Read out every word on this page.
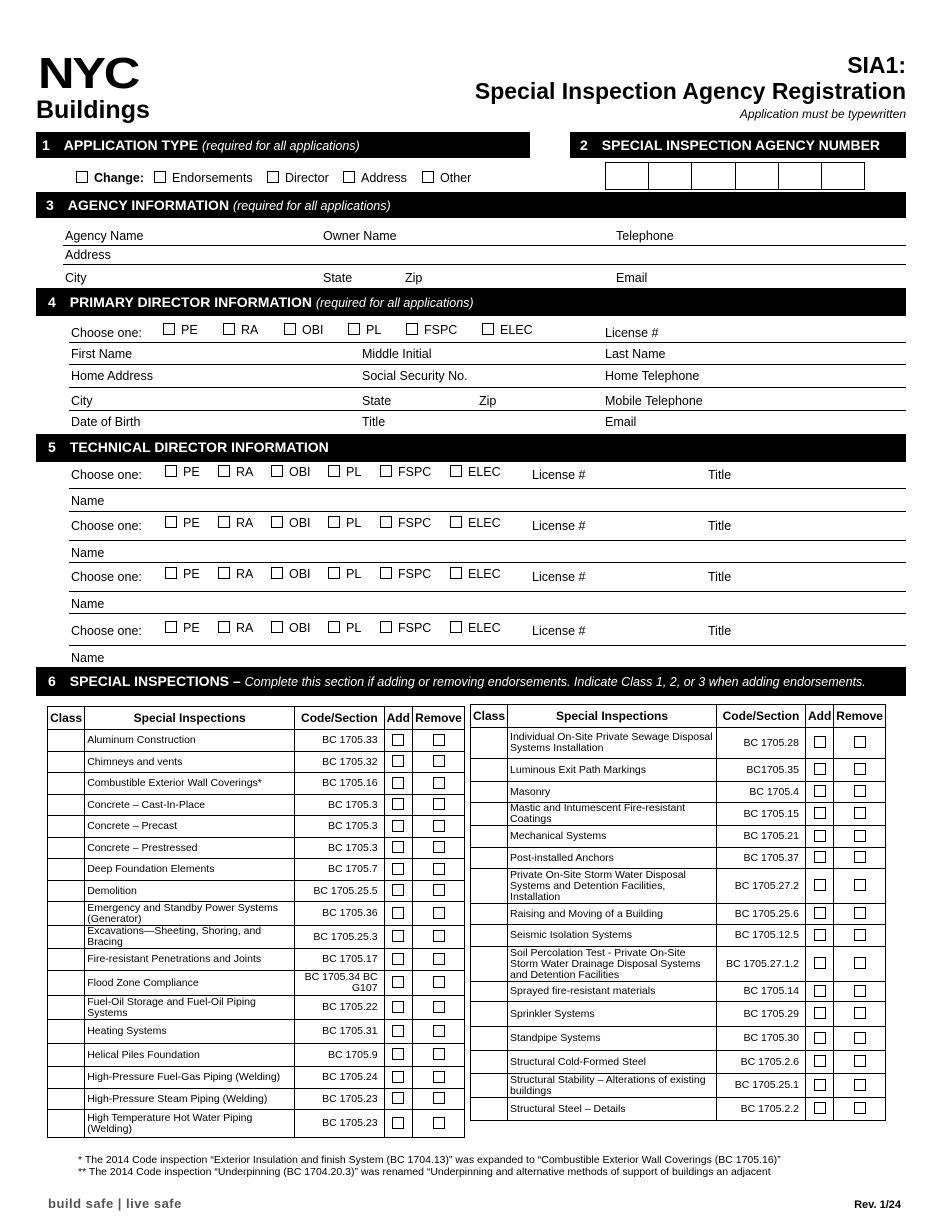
NYC
Buildings
SIA1:
Special Inspection Agency Registration
Application must be typewritten
1 APPLICATION TYPE (required for all applications)
Change:	Endorsements	Director	Address	Other
2 SPECIAL INSPECTION AGENCY NUMBER
3 AGENCY INFORMATION (required for all applications)
Agency Name	Owner Name	Telephone
Address
City	State	Zip	Email
4 PRIMARY DIRECTOR INFORMATION (required for all applications)
Choose one:	PE	RA	OBI	PL	FSPC	ELEC	License #
First Name	Middle Initial	Last Name
Home Address	Social Security No.	Home Telephone
City	State	Zip	Mobile Telephone
Date of Birth	Title	Email
5 TECHNICAL DIRECTOR INFORMATION
Choose one:	PE	RA	OBI	PL	FSPC	ELEC	License #	Title
Name
Choose one:	PE	RA	OBI	PL	FSPC	ELEC	License #	Title
Name
Choose one:	PE	RA	OBI	PL	FSPC	ELEC	License #	Title
Name
Choose one:	PE	RA	OBI	PL	FSPC	ELEC	License #	Title
Name
6 SPECIAL INSPECTIONS – Complete this section if adding or removing endorsements. Indicate Class 1, 2, or 3 when adding endorsements.
Class	Special Inspections	Code/Section	Add	Remove
	Aluminum Construction	BC 1705.33		
	Chimneys and vents	BC 1705.32		
	Combustible Exterior Wall Coverings*	BC 1705.16		
	Concrete – Cast-In-Place	BC 1705.3		
	Concrete – Precast	BC 1705.3		
	Concrete – Prestressed	BC 1705.3		
	Deep Foundation Elements	BC 1705.7		
	Demolition	BC 1705.25.5		
	Emergency and Standby Power Systems (Generator)	BC 1705.36		
	Excavations—Sheeting, Shoring, and Bracing	BC 1705.25.3		
	Fire-resistant Penetrations and Joints	BC 1705.17		
	Flood Zone Compliance	BC 1705.34 BC G107		
	Fuel-Oil Storage and Fuel-Oil Piping Systems	BC 1705.22		
	Heating Systems	BC 1705.31		
	Helical Piles Foundation	BC 1705.9		
	High-Pressure Fuel-Gas Piping (Welding)	BC 1705.24		
	High-Pressure Steam Piping (Welding)	BC 1705.23		
	High Temperature Hot Water Piping (Welding)	BC 1705.23		
Class	Special Inspections	Code/Section	Add	Remove
	Individual On-Site Private Sewage Disposal Systems Installation	BC 1705.28		
	Luminous Exit Path Markings	BC1705.35		
	Masonry	BC 1705.4		
	Mastic and Intumescent Fire-resistant Coatings	BC 1705.15		
	Mechanical Systems	BC 1705.21		
	Post-installed Anchors	BC 1705.37		
	Private On-Site Storm Water Disposal Systems and Detention Facilities, Installation	BC 1705.27.2		
	Raising and Moving of a Building	BC 1705.25.6		
	Seismic Isolation Systems	BC 1705.12.5		
	Soil Percolation Test - Private On-Site Storm Water Drainage Disposal Systems and Detention Facilities	BC 1705.27.1.2		
	Sprayed fire-resistant materials	BC 1705.14		
	Sprinkler Systems	BC 1705.29		
	Standpipe Systems	BC 1705.30		
	Structural Cold-Formed Steel	BC 1705.2.6		
	Structural Stability – Alterations of existing buildings	BC 1705.25.1		
	Structural Steel – Details	BC 1705.2.2		
* The 2014 Code inspection “Exterior Insulation and finish System (BC 1704.13)” was expanded to “Combustible Exterior Wall Coverings (BC 1705.16)”
** The 2014 Code inspection “Underpinning (BC 1704.20.3)” was renamed “Underpinning and alternative methods of support of buildings an adjacent
build safe | live safe	Rev. 1/24
